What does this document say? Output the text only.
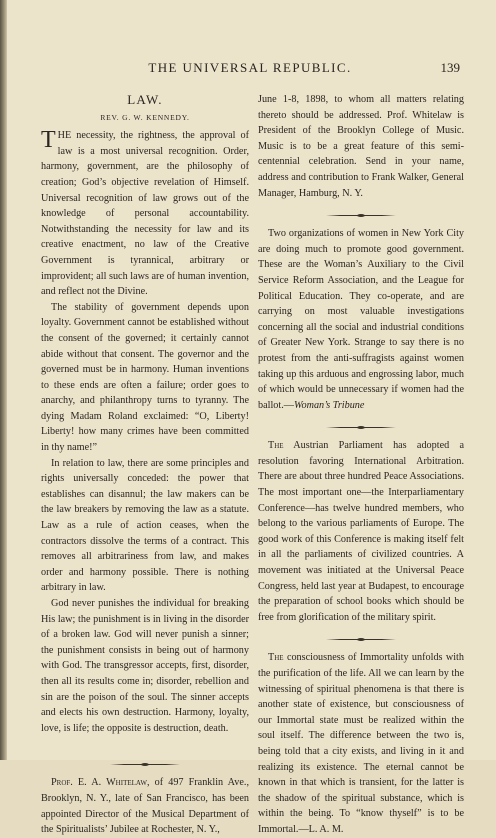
THE UNIVERSAL REPUBLIC.	139
LAW.
REV. G. W. KENNEDY.

THE necessity, the rightness, the approval of law is a most universal recognition. Order, harmony, government, are the philosophy of creation; God’s objective revelation of Himself. Universal recognition of law grows out of the knowledge of personal accountability. Notwithstanding the necessity for law and its creative enactment, no law of the Creative Government is tyrannical, arbitrary or improvident; all such laws are of human invention, and reflect not the Divine.

The stability of government depends upon loyalty. Government cannot be established without the consent of the governed; it certainly cannot abide without that consent. The governor and the governed must be in harmony. Human inventions to these ends are often a failure; order goes to anarchy, and philanthropy turns to tyranny. The dying Madam Roland exclaimed: “O, Liberty! Liberty! how many crimes have been committed in thy name!”

In relation to law, there are some principles and rights universally conceded: the power that establishes can disannul; the law makers can be the law breakers by removing the law as a statute. Law as a rule of action ceases, when the contractors dissolve the terms of a contract. This removes all arbitrariness from law, and makes order and harmony possible. There is nothing arbitrary in law.

God never punishes the individual for breaking His law; the punishment is in living in the disorder of a broken law. God will never punish a sinner; the punishment consists in being out of harmony with God. The transgressor accepts, first, disorder, then all its results come in; disorder, rebellion and sin are the poison of the soul. The sinner accepts and elects his own destruction. Harmony, loyalty, love, is life; the opposite is destruction, death.

Prof. E. A. Whitelaw, of 497 Franklin Ave., Brooklyn, N. Y., late of San Francisco, has been appointed Director of the Musical Department of the Spiritualists’ Jubilee at Rochester, N. Y.,

June 1-8, 1898, to whom all matters relating thereto should be addressed. Prof. Whitelaw is President of the Brooklyn College of Music. Music is to be a great feature of this semi-centennial celebration. Send in your name, address and contribution to Frank Walker, General Manager, Hamburg, N. Y.

Two organizations of women in New York City are doing much to promote good government. These are the Woman’s Auxiliary to the Civil Service Reform Association, and the League for Political Education. They co-operate, and are carrying on most valuable investigations concerning all the social and industrial conditions of Greater New York. Strange to say there is no protest from the anti-suffragists against women taking up this arduous and engrossing labor, much of which would be unnecessary if women had the ballot.—Woman’s Tribune

The Austrian Parliament has adopted a resolution favoring International Arbitration. There are about three hundred Peace Associations. The most important one—the Interparliamentary Conference—has twelve hundred members, who belong to the various parliaments of Europe. The good work of this Conference is making itself felt in all the parliaments of civilized countries. A movement was initiated at the Universal Peace Congress, held last year at Budapest, to encourage the preparation of school books which should be free from glorification of the military spirit.

The consciousness of Immortality unfolds with the purification of the life. All we can learn by the witnessing of spiritual phenomena is that there is another state of existence, but consciousness of our Immortal state must be realized within the soul itself. The difference between the two is, being told that a city exists, and living in it and realizing its existence. The eternal cannot be known in that which is transient, for the latter is the shadow of the spiritual substance, which is within the being. To “know thyself” is to be Immortal.—L. A. M.
